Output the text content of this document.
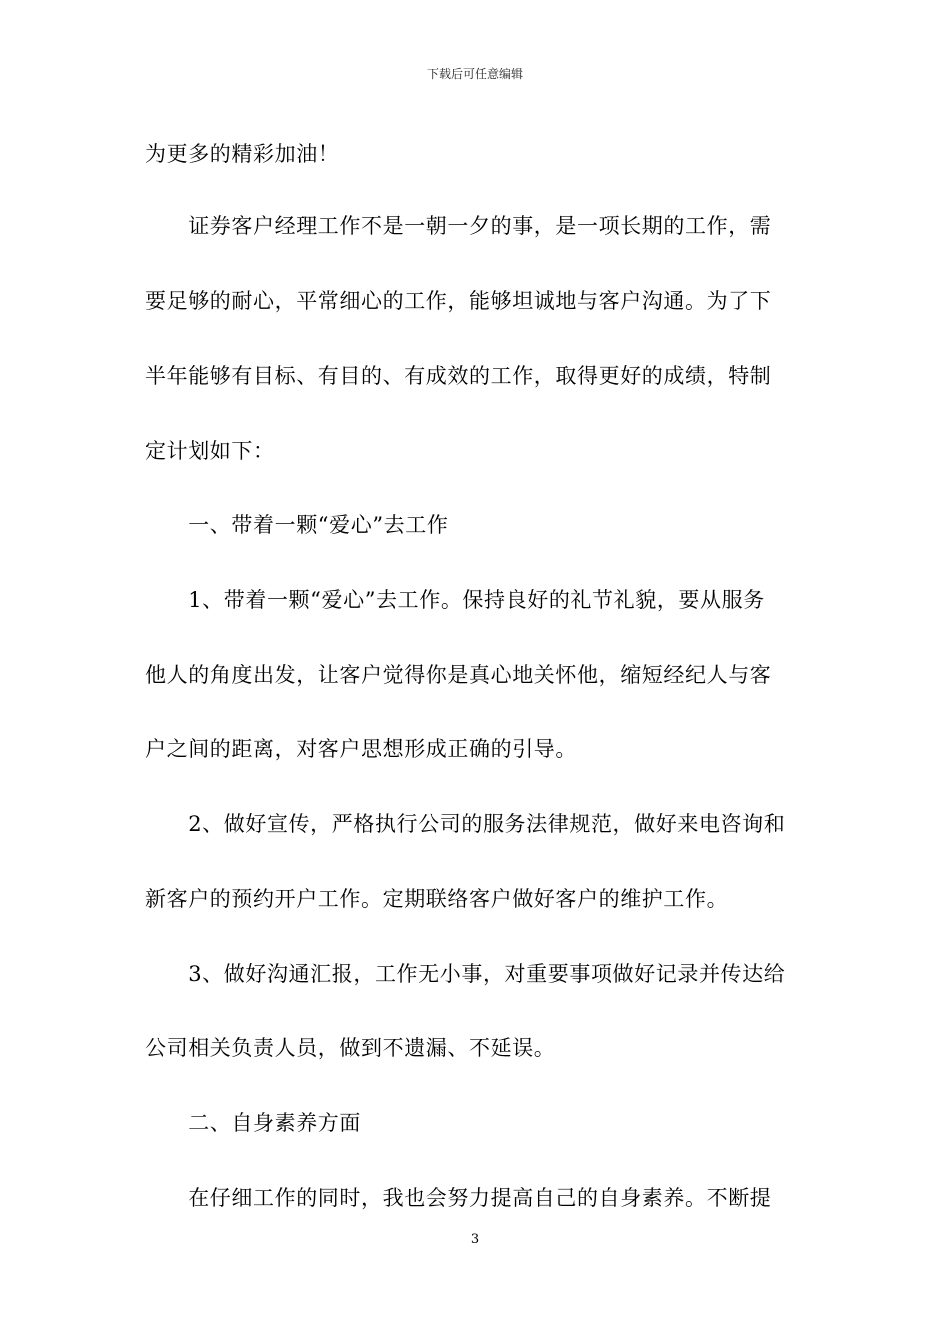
下载后可任意编辑
为更多的精彩加油！
　　证券客户经理工作不是一朝一夕的事，是一项长期的工作，需
要足够的耐心，平常细心的工作，能够坦诚地与客户沟通。为了下
半年能够有目标、有目的、有成效的工作，取得更好的成绩，特制
定计划如下：
　　一、带着一颗“爱心”去工作
　　1、带着一颗“爱心”去工作。保持良好的礼节礼貌，要从服务
他人的角度出发，让客户觉得你是真心地关怀他，缩短经纪人与客
户之间的距离，对客户思想形成正确的引导。
　　2、做好宣传，严格执行公司的服务法律规范，做好来电咨询和
新客户的预约开户工作。定期联络客户做好客户的维护工作。
　　3、做好沟通汇报，工作无小事，对重要事项做好记录并传达给
公司相关负责人员，做到不遗漏、不延误。
　　二、自身素养方面
　　在仔细工作的同时，我也会努力提高自己的自身素养。不断提
3
